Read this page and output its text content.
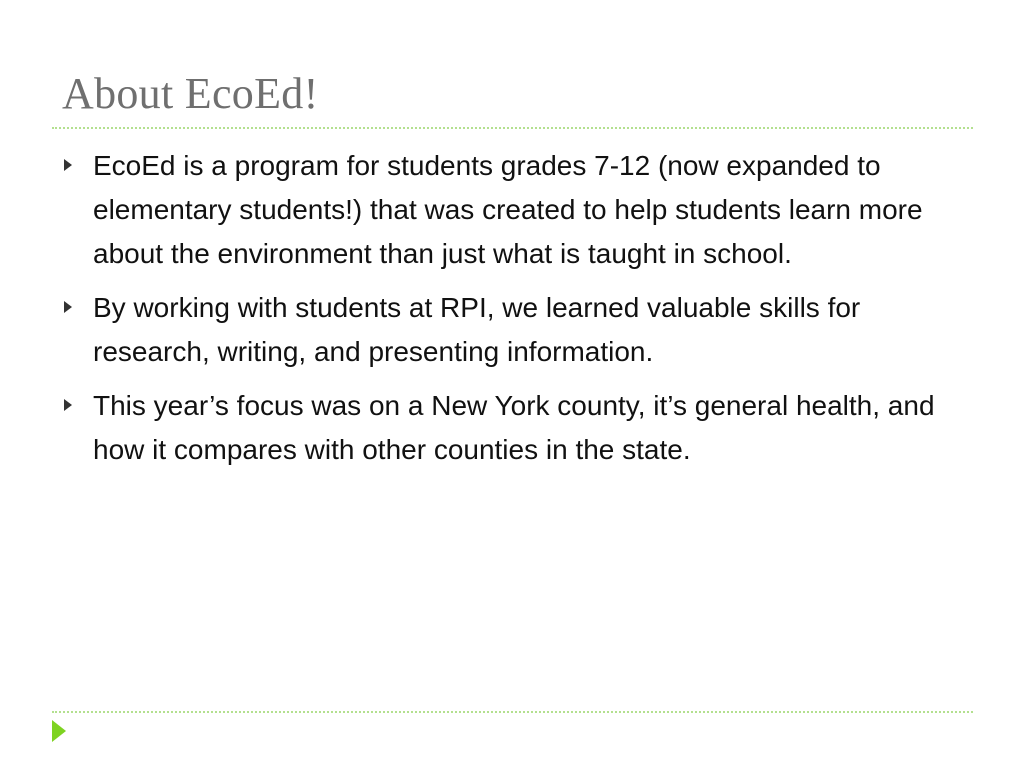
About EcoEd!
EcoEd is a program for students grades 7-12 (now expanded to elementary students!) that was created to help students learn more about the environment than just what is taught in school.
By working with students at RPI, we learned valuable skills for research, writing, and presenting information.
This year’s focus was on a New York county, it’s general health, and how it compares with other counties in the state.
